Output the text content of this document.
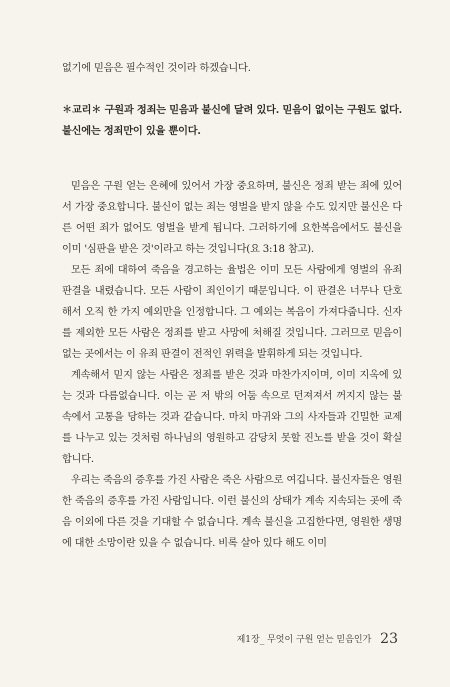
없기에 믿음은 필수적인 것이라 하겠습니다.

✽교리✽ 구원과 정죄는 믿음과 불신에 달려 있다. 믿음이 없이는 구원도 없다. 불신에는 정죄만이 있을 뿐이다.

믿음은 구원 얻는 은혜에 있어서 가장 중요하며, 불신은 정죄 받는 죄에 있어서 가장 중요합니다. 불신이 없는 죄는 영벌을 받지 않을 수도 있지만 불신은 다른 어떤 죄가 없어도 영벌을 받게 됩니다. 그러하기에 요한복음에서도 불신을 이미 '심판을 받은 것'이라고 하는 것입니다(요 3:18 참고).

모든 죄에 대하여 죽음을 경고하는 율법은 이미 모든 사람에게 영벌의 유죄 판결을 내렸습니다. 모든 사람이 죄인이기 때문입니다. 이 판결은 너무나 단호해서 오직 한 가지 예외만을 인정합니다. 그 예외는 복음이 가져다줍니다. 신자를 제외한 모든 사람은 정죄를 받고 사망에 처해질 것입니다. 그러므로 믿음이 없는 곳에서는 이 유죄 판결이 전적인 위력을 발휘하게 되는 것입니다.

계속해서 믿지 않는 사람은 정죄를 받은 것과 마찬가지이며, 이미 지옥에 있는 것과 다름없습니다. 이는 곧 저 밖의 어둠 속으로 던져져서 꺼지지 않는 불 속에서 고통을 당하는 것과 같습니다. 마치 마귀와 그의 사자들과 긴밀한 교제를 나누고 있는 것처럼 하나님의 영원하고 감당치 못할 진노를 받을 것이 확실합니다.

우리는 죽음의 증후를 가진 사람은 죽은 사람으로 여깁니다. 불신자들은 영원한 죽음의 증후를 가진 사람입니다. 이런 불신의 상태가 계속 지속되는 곳에 죽음 이외에 다른 것을 기대할 수 없습니다. 계속 불신을 고집한다면, 영원한 생명에 대한 소망이란 있을 수 없습니다. 비록 살아 있다 해도 이미

제1장_ 무엇이 구원 얻는 믿음인가 23
